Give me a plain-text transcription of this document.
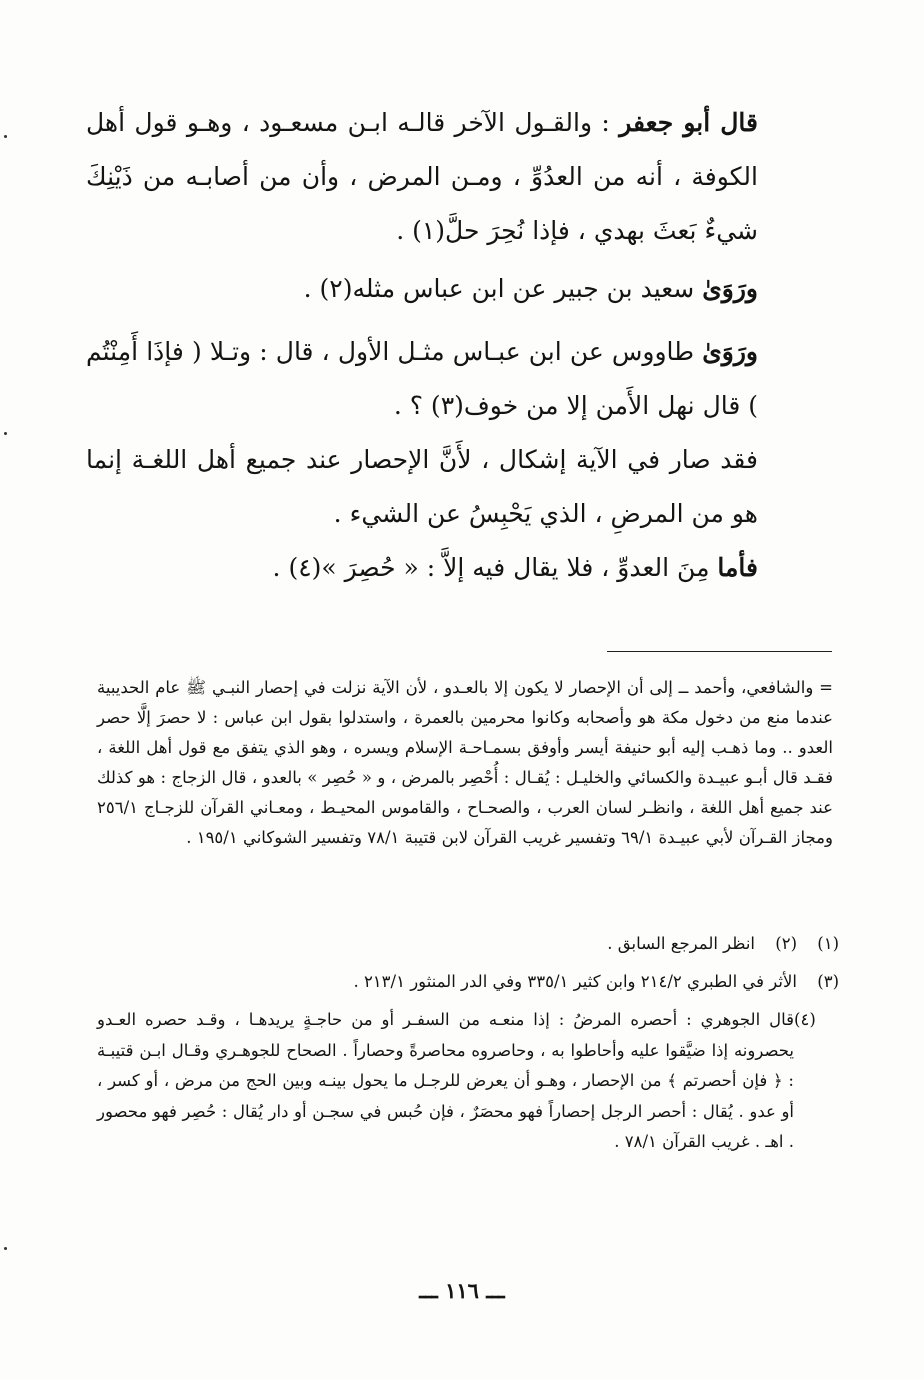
قال أبو جعفر : والقـول الآخر قالـه ابـن مسعـود ، وهـو قول أهل الكوفة ، أنه من العدُوِّ ، ومـن المرض ، وأن من أصابـه من ذَيْنِكَ شيءٌ بَعثَ بهدي ، فإذا نُحِرَ حلَّ(١) .

ورَوَىٰ سعيد بن جبير عن ابن عباس مثله(٢) .

ورَوَىٰ طاووس عن ابن عبـاس مثـل الأول ، قال : وتـلا ( فإذَا أَمِنْتُم ) قال نهل الأَمن إلا من خوف(٣) ؟ .

فقد صار في الآية إشكال ، لأَنَّ الإحصار عند جميع أهل اللغـة إنما هو من المرضِ ، الذي يَحْبِسُ عن الشيء .

فأما مِنَ العدوِّ ، فلا يقال فيه إلاَّ : « حُصِرَ »(٤) .

= والشافعي، وأحمد ــ إلى أن الإحصار لا يكون إلا بالعـدو ، لأن الآية نزلت في إحصار النبـي ﷺ عام الحديبية عندما منع من دخول مكة هو وأصحابه وكانوا محرمين بالعمرة ، واستدلوا بقول ابن عباس : لا حصرَ إلَّا حصر العدو .. وما ذهـب إليه أبو حنيفة أيسر وأوفق بسمـاحـة الإسلام ويسره ، وهو الذي يتفق مع قول أهل اللغة ، فقـد قال أبـو عبيـدة والكسائي والخليـل : يُقـال : أُحْصِر بالمرض ، و « حُصِر » بالعدو ، قال الزجاج : هو كذلك عند جميع أهل اللغة ، وانظـر لسان العرب ، والصحـاح ، والقاموس المحيـط ، ومعـاني القرآن للزجـاج ٢٥٦/١ ومجاز القـرآن لأبي عبيـدة ٦٩/١ وتفسير غريب القرآن لابن قتيبة ٧٨/١ وتفسير الشوكاني ١٩٥/١ .

(١)(٢)انظر المرجع السابق .

(٣)الأثر في الطبري ٢١٤/٢ وابن كثير ٣٣٥/١ وفي الدر المنثور ٢١٣/١ .

(٤)

قال الجوهري : أحصره المرضُ : إذا منعـه من السفـر أو من حاجـةٍ يريدهـا ، وقـد حصره العـدو يحصرونه إذا ضيَّقوا عليه وأحاطوا به ، وحاصروه محاصرةً وحصاراً . الصحاح للجوهـري وقـال ابـن قتيبـة : ﴿ فإن أحصرتم ﴾ من الإحصار ، وهـو أن يعرض للرجـل ما يحول بينـه وبين الحج من مرض ، أو كسر ، أو عدو . يُقال : أحصر الرجل إحصاراً فهو محصَرٌ ، فإن حُبس في سجـن أو دار يُقال : حُصِر فهو محصور . اهـ . غريب القرآن ٧٨/١ .

ـــ ١١٦ ـــ
